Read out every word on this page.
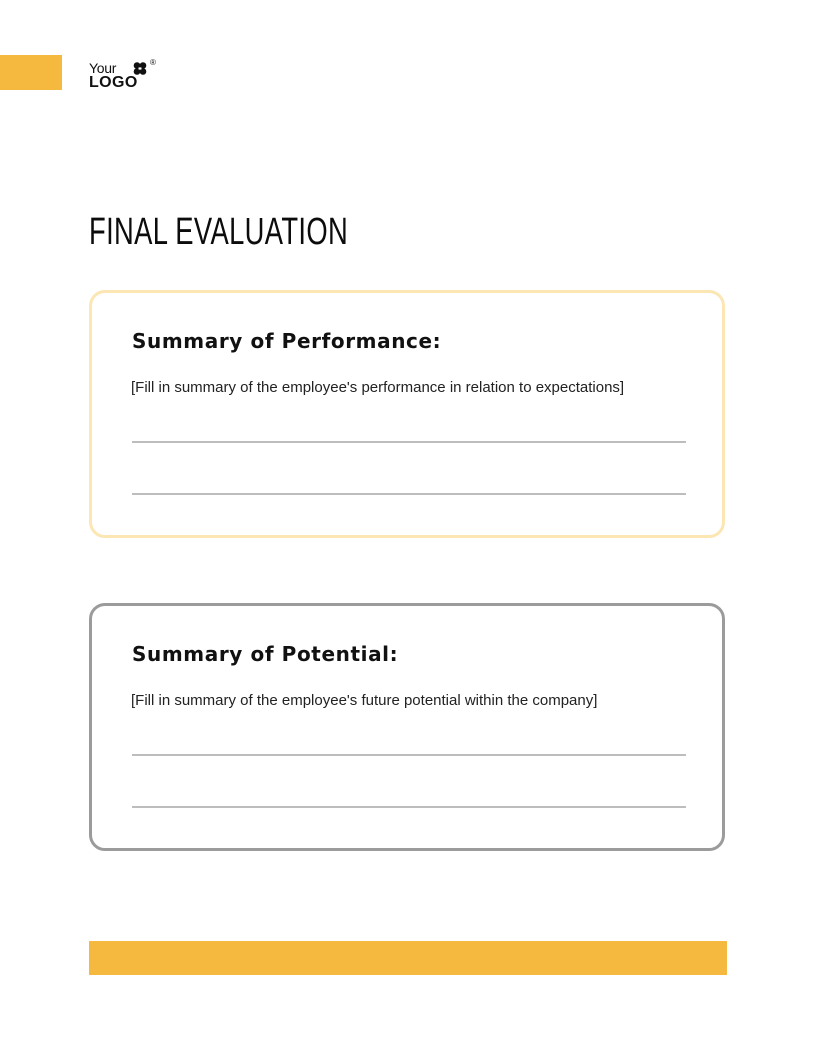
Your	®
LOGO
FINAL EVALUATION
Summary of Performance:
[Fill in summary of the employee's performance in relation to expectations]
Summary of Potential:
[Fill in summary of the employee's future potential within the company]
